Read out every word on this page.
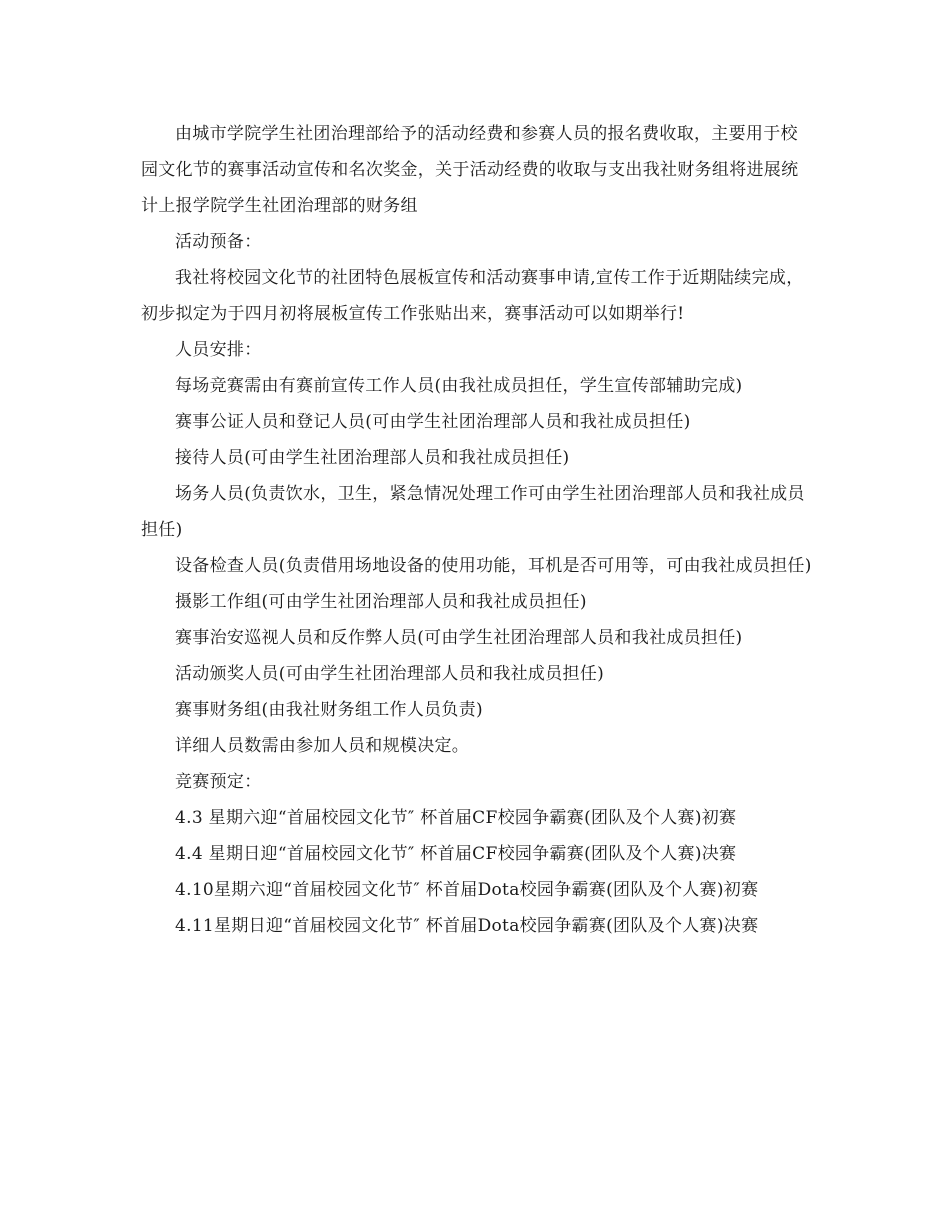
由城市学院学生社团治理部给予的活动经费和参赛人员的报名费收取，主要用于校园文化节的赛事活动宣传和名次奖金，关于活动经费的收取与支出我社财务组将进展统计上报学院学生社团治理部的财务组

活动预备：

我社将校园文化节的社团特色展板宣传和活动赛事申请,宣传工作于近期陆续完成，初步拟定为于四月初将展板宣传工作张贴出来，赛事活动可以如期举行!

人员安排：

每场竞赛需由有赛前宣传工作人员(由我社成员担任，学生宣传部辅助完成)

赛事公证人员和登记人员(可由学生社团治理部人员和我社成员担任)

接待人员(可由学生社团治理部人员和我社成员担任)

场务人员(负责饮水，卫生，紧急情况处理工作可由学生社团治理部人员和我社成员担任)

设备检查人员(负责借用场地设备的使用功能，耳机是否可用等，可由我社成员担任)

摄影工作组(可由学生社团治理部人员和我社成员担任)

赛事治安巡视人员和反作弊人员(可由学生社团治理部人员和我社成员担任)

活动颁奖人员(可由学生社团治理部人员和我社成员担任)

赛事财务组(由我社财务组工作人员负责)

详细人员数需由参加人员和规模决定。

竞赛预定：

4.3 星期六迎“首届校园文化节″ 杯首届CF校园争霸赛(团队及个人赛)初赛

4.4 星期日迎“首届校园文化节″ 杯首届CF校园争霸赛(团队及个人赛)决赛

4.10星期六迎“首届校园文化节″ 杯首届Dota校园争霸赛(团队及个人赛)初赛

4.11星期日迎“首届校园文化节″ 杯首届Dota校园争霸赛(团队及个人赛)决赛
